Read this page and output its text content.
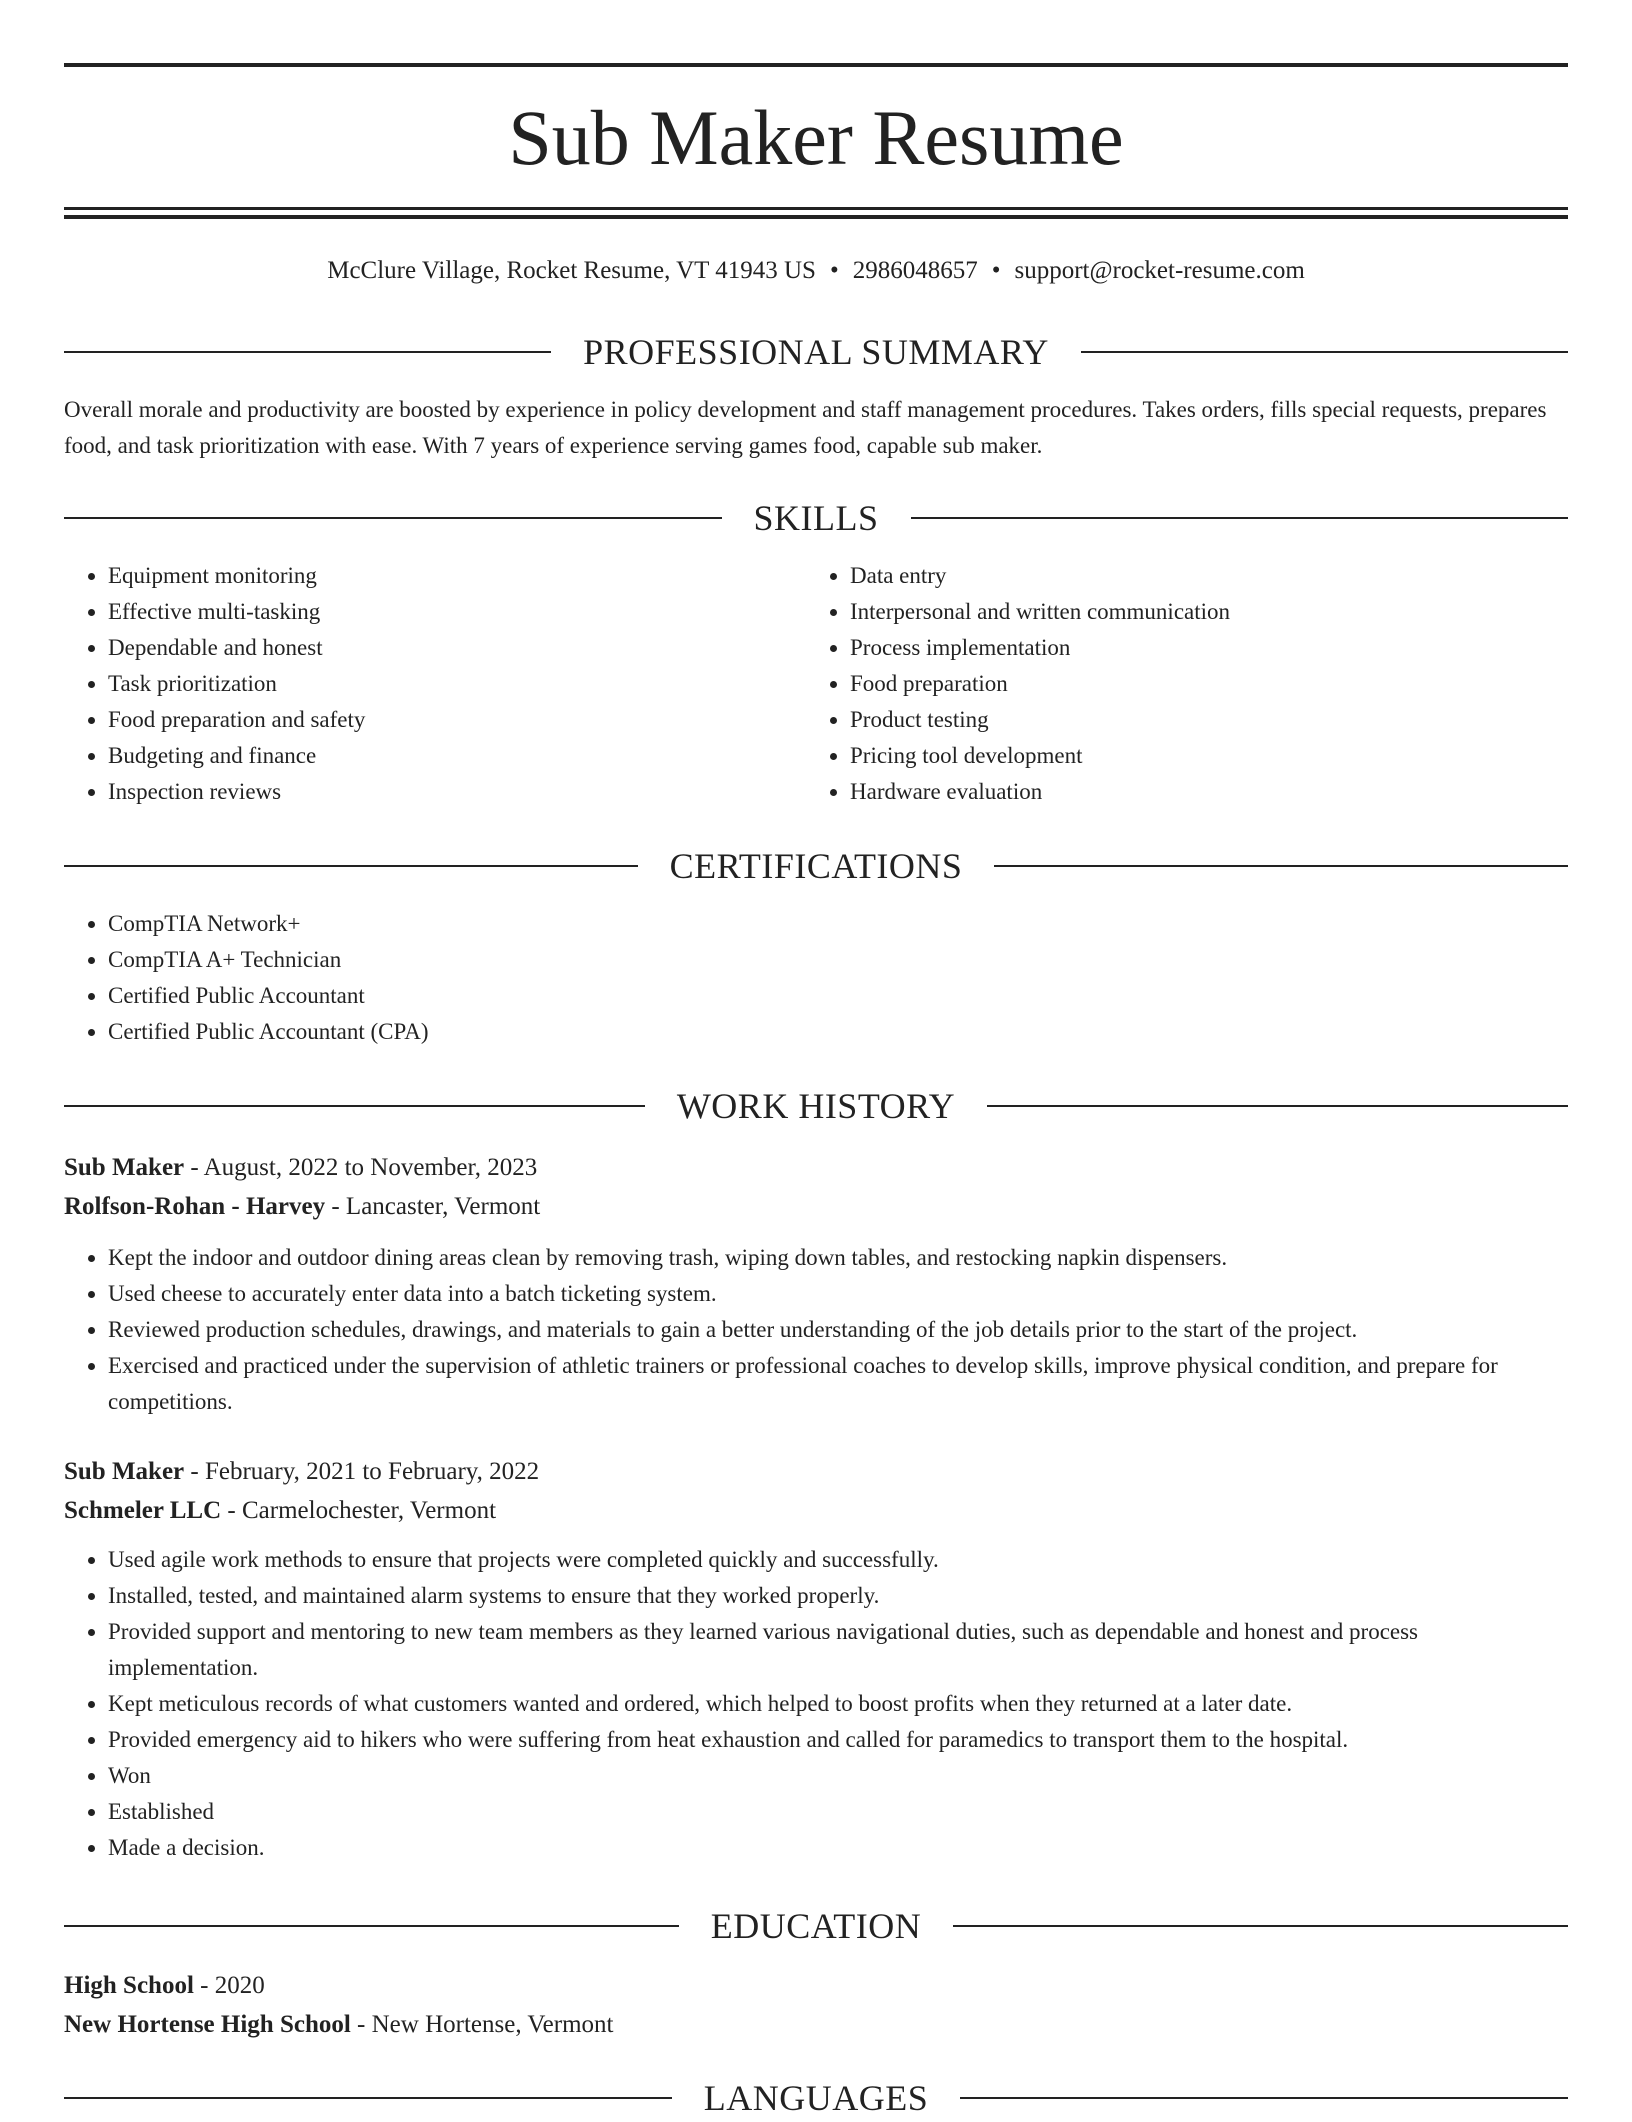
Sub Maker Resume
McClure Village, Rocket Resume, VT 41943 US • 2986048657 • support@rocket-resume.com
PROFESSIONAL SUMMARY

Overall morale and productivity are boosted by experience in policy development and staff management procedures. Takes orders, fills special requests, prepares food, and task prioritization with ease. With 7 years of experience serving games food, capable sub maker.

SKILLS
• Equipment monitoring
• Effective multi-tasking
• Dependable and honest
• Task prioritization
• Food preparation and safety
• Budgeting and finance
• Inspection reviews
• Data entry
• Interpersonal and written communication
• Process implementation
• Food preparation
• Product testing
• Pricing tool development
• Hardware evaluation
CERTIFICATIONS
• CompTIA Network+
• CompTIA A+ Technician
• Certified Public Accountant
• Certified Public Accountant (CPA)
WORK HISTORY
Sub Maker - August, 2022 to November, 2023
Rolfson-Rohan - Harvey - Lancaster, Vermont
• Kept the indoor and outdoor dining areas clean by removing trash, wiping down tables, and restocking napkin dispensers.
• Used cheese to accurately enter data into a batch ticketing system.
• Reviewed production schedules, drawings, and materials to gain a better understanding of the job details prior to the start of the project.
• Exercised and practiced under the supervision of athletic trainers or professional coaches to develop skills, improve physical condition, and prepare for competitions.
Sub Maker - February, 2021 to February, 2022
Schmeler LLC - Carmelochester, Vermont
• Used agile work methods to ensure that projects were completed quickly and successfully.
• Installed, tested, and maintained alarm systems to ensure that they worked properly.
• Provided support and mentoring to new team members as they learned various navigational duties, such as dependable and honest and process implementation.
• Kept meticulous records of what customers wanted and ordered, which helped to boost profits when they returned at a later date.
• Provided emergency aid to hikers who were suffering from heat exhaustion and called for paramedics to transport them to the hospital.
• Won
• Established
• Made a decision.
EDUCATION
High School - 2020
New Hortense High School - New Hortense, Vermont
LANGUAGES
